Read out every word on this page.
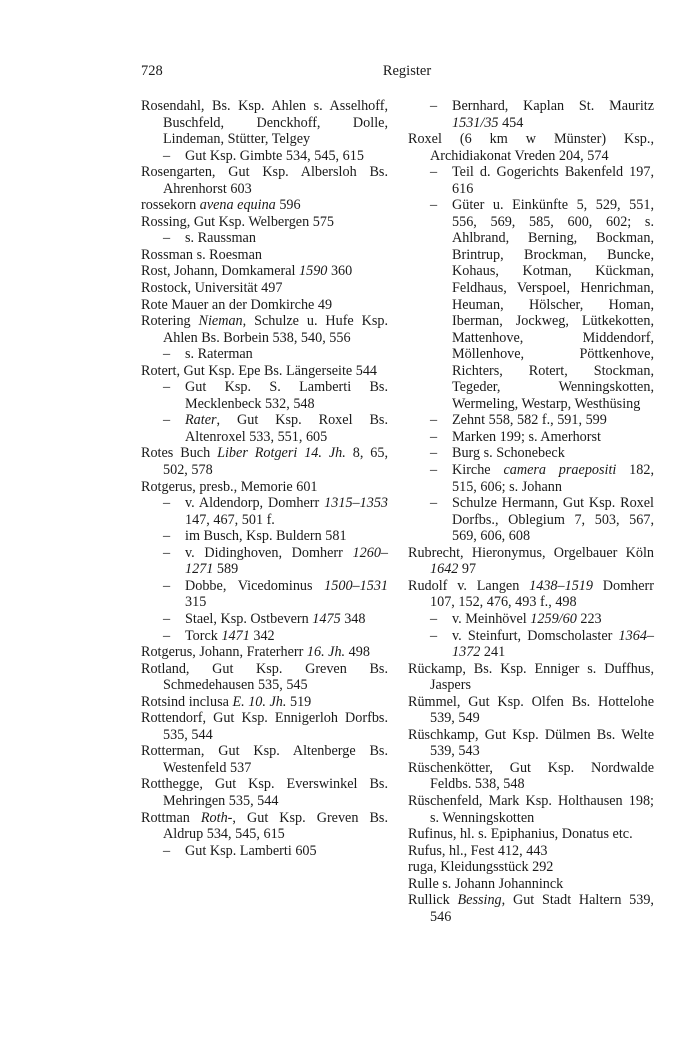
728	Register

Rosendahl, Bs. Ksp. Ahlen s. Asselhoff, Buschfeld, Denckhoff, Dolle, Lindeman, Stütter, Telgey

– Gut Ksp. Gimbte 534, 545, 615

Rosengarten, Gut Ksp. Albersloh Bs. Ahrenhorst 603

rossekorn avena equina 596

Rossing, Gut Ksp. Welbergen 575

– s. Raussman

Rossman s. Roesman

Rost, Johann, Domkameral 1590 360

Rostock, Universität 497

Rote Mauer an der Domkirche 49

Rotering Nieman, Schulze u. Hufe Ksp. Ahlen Bs. Borbein 538, 540, 556

– s. Raterman

Rotert, Gut Ksp. Epe Bs. Längerseite 544

– Gut Ksp. S. Lamberti Bs. Mecklenbeck 532, 548

– Rater, Gut Ksp. Roxel Bs. Altenroxel 533, 551, 605

Rotes Buch Liber Rotgeri 14. Jh. 8, 65, 502, 578

Rotgerus, presb., Memorie 601

– v. Aldendorp, Domherr 1315–1353 147, 467, 501 f.

– im Busch, Ksp. Buldern 581

– v. Didinghoven, Domherr 1260–1271 589

– Dobbe, Vicedominus 1500–1531 315

– Stael, Ksp. Ostbevern 1475 348

– Torck 1471 342

Rotgerus, Johann, Fraterherr 16. Jh. 498

Rotland, Gut Ksp. Greven Bs. Schmedehausen 535, 545

Rotsind inclusa E. 10. Jh. 519

Rottendorf, Gut Ksp. Ennigerloh Dorfbs. 535, 544

Rotterman, Gut Ksp. Altenberge Bs. Westenfeld 537

Rotthegge, Gut Ksp. Everswinkel Bs. Mehringen 535, 544

Rottman Roth-, Gut Ksp. Greven Bs. Aldrup 534, 545, 615

– Gut Ksp. Lamberti 605

– Bernhard, Kaplan St. Mauritz 1531/35 454

Roxel (6 km w Münster) Ksp., Archidiakonat Vreden 204, 574

– Teil d. Gogerichts Bakenfeld 197, 616

– Güter u. Einkünfte 5, 529, 551, 556, 569, 585, 600, 602; s. Ahlbrand, Berning, Bockman, Brintrup, Brockman, Buncke, Kohaus, Kotman, Kückman, Feldhaus, Verspoel, Henrichman, Heuman, Hölscher, Homan, Iberman, Jockweg, Lütkekotten, Mattenhove, Middendorf, Möllenhove, Pöttkenhove, Richters, Rotert, Stockman, Tegeder, Wenningskotten, Wermeling, Westarp, Westhüsing

– Zehnt 558, 582 f., 591, 599

– Marken 199; s. Amerhorst

– Burg s. Schonebeck

– Kirche camera praepositi 182, 515, 606; s. Johann

– Schulze Hermann, Gut Ksp. Roxel Dorfbs., Oblegium 7, 503, 567, 569, 606, 608

Rubrecht, Hieronymus, Orgelbauer Köln 1642 97

Rudolf v. Langen 1438–1519 Domherr 107, 152, 476, 493 f., 498

– v. Meinhövel 1259/60 223

– v. Steinfurt, Domscholaster 1364–1372 241

Rückamp, Bs. Ksp. Enniger s. Duffhus, Jaspers

Rümmel, Gut Ksp. Olfen Bs. Hottelohe 539, 549

Rüschkamp, Gut Ksp. Dülmen Bs. Welte 539, 543

Rüschenkötter, Gut Ksp. Nordwalde Feldbs. 538, 548

Rüschenfeld, Mark Ksp. Holthausen 198; s. Wenningskotten

Rufinus, hl. s. Epiphanius, Donatus etc.

Rufus, hl., Fest 412, 443

ruga, Kleidungsstück 292

Rulle s. Johann Johanninck

Rullick Bessing, Gut Stadt Haltern 539, 546
